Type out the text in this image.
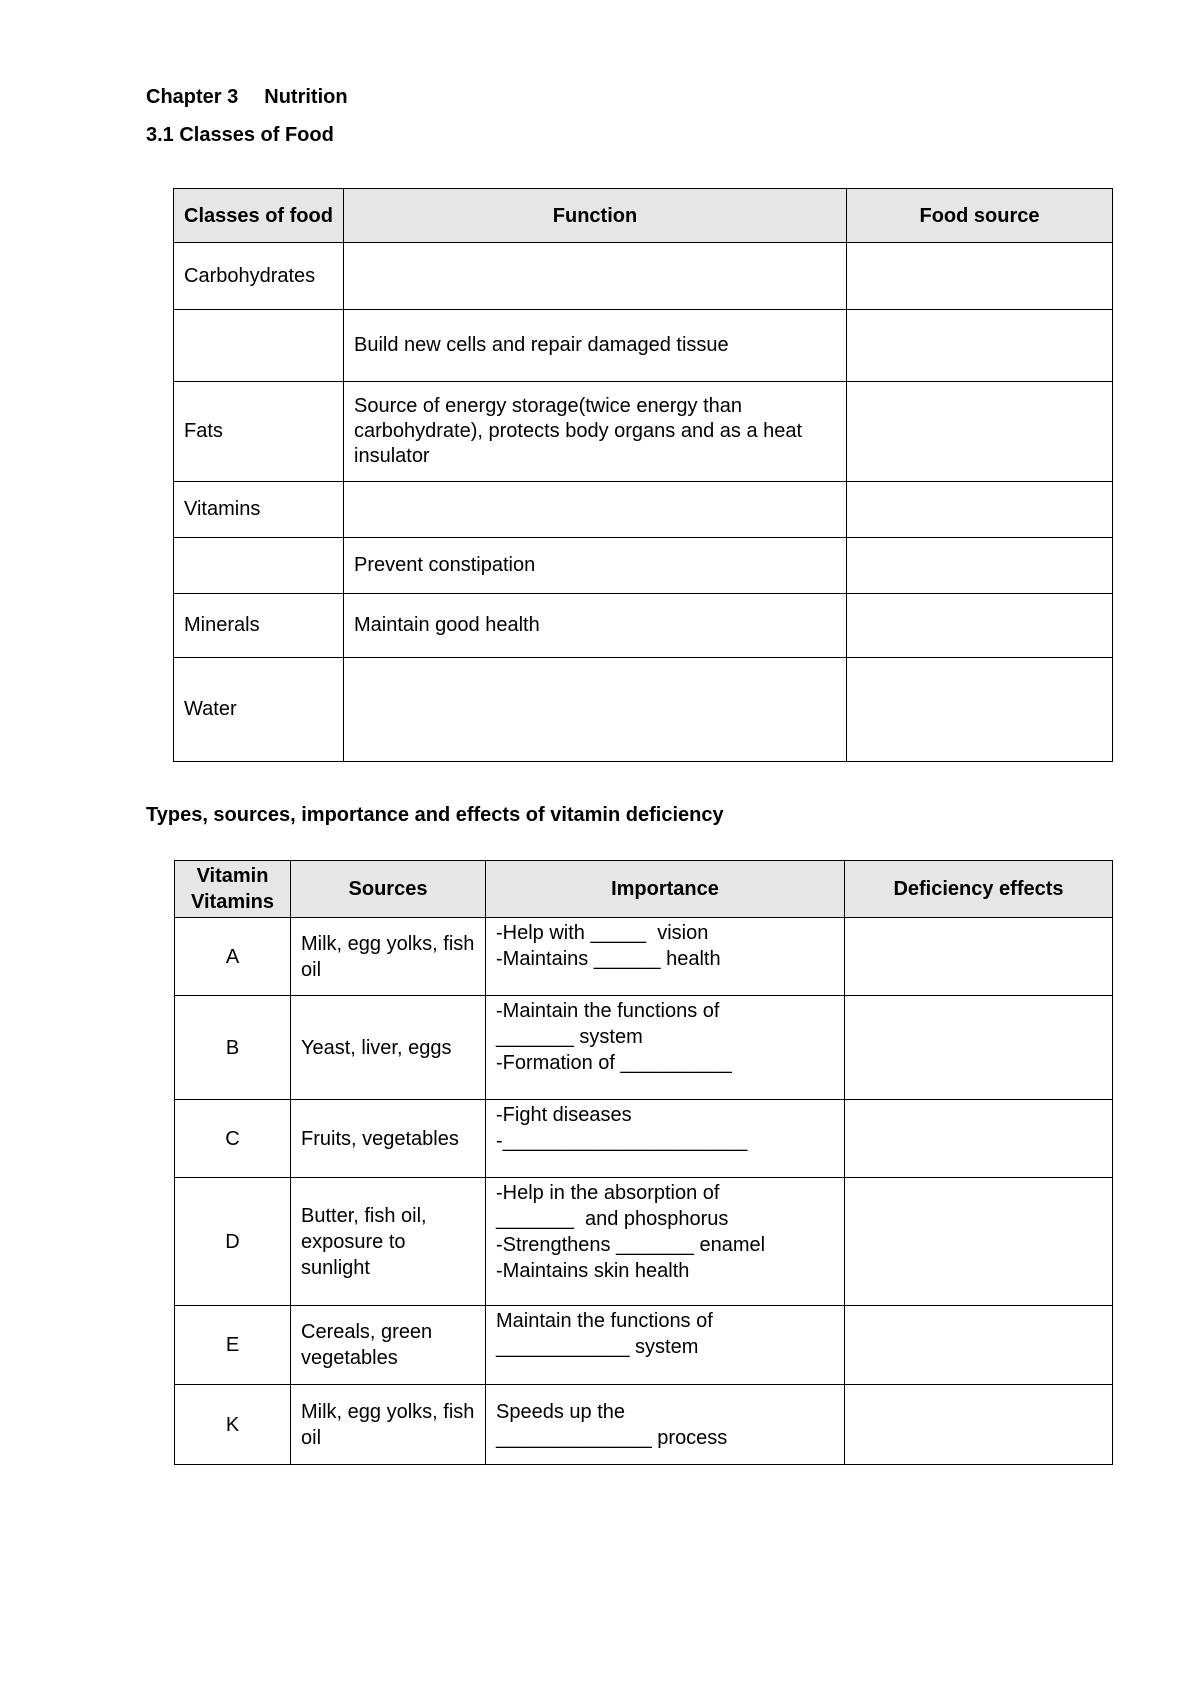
Chapter 3 Nutrition
3.1 Classes of Food
Classes of food	Function	Food source
Carbohydrates		
	Build new cells and repair damaged tissue	
Fats	Source of energy storage(twice energy than carbohydrate), protects body organs and as a heat insulator	
Vitamins		
	Prevent constipation	
Minerals	Maintain good health	
Water		
Types, sources, importance and effects of vitamin deficiency
Vitamin Vitamins	Sources	Importance	Deficiency effects
A	Milk, egg yolks, fish oil	-Help with _____  vision
-Maintains ______ health	

B	Yeast, liver, eggs	-Maintain the functions of
_______ system
-Formation of __________	

C	Fruits, vegetables	-Fight diseases
-______________________	

D	Butter, fish oil, exposure to sunlight	-Help in the absorption of
_______  and phosphorus
-Strengthens _______ enamel
-Maintains skin health	

E	Cereals, green vegetables	Maintain the functions of
____________ system	

K	Milk, egg yolks, fish oil	Speeds up the
______________ process	
